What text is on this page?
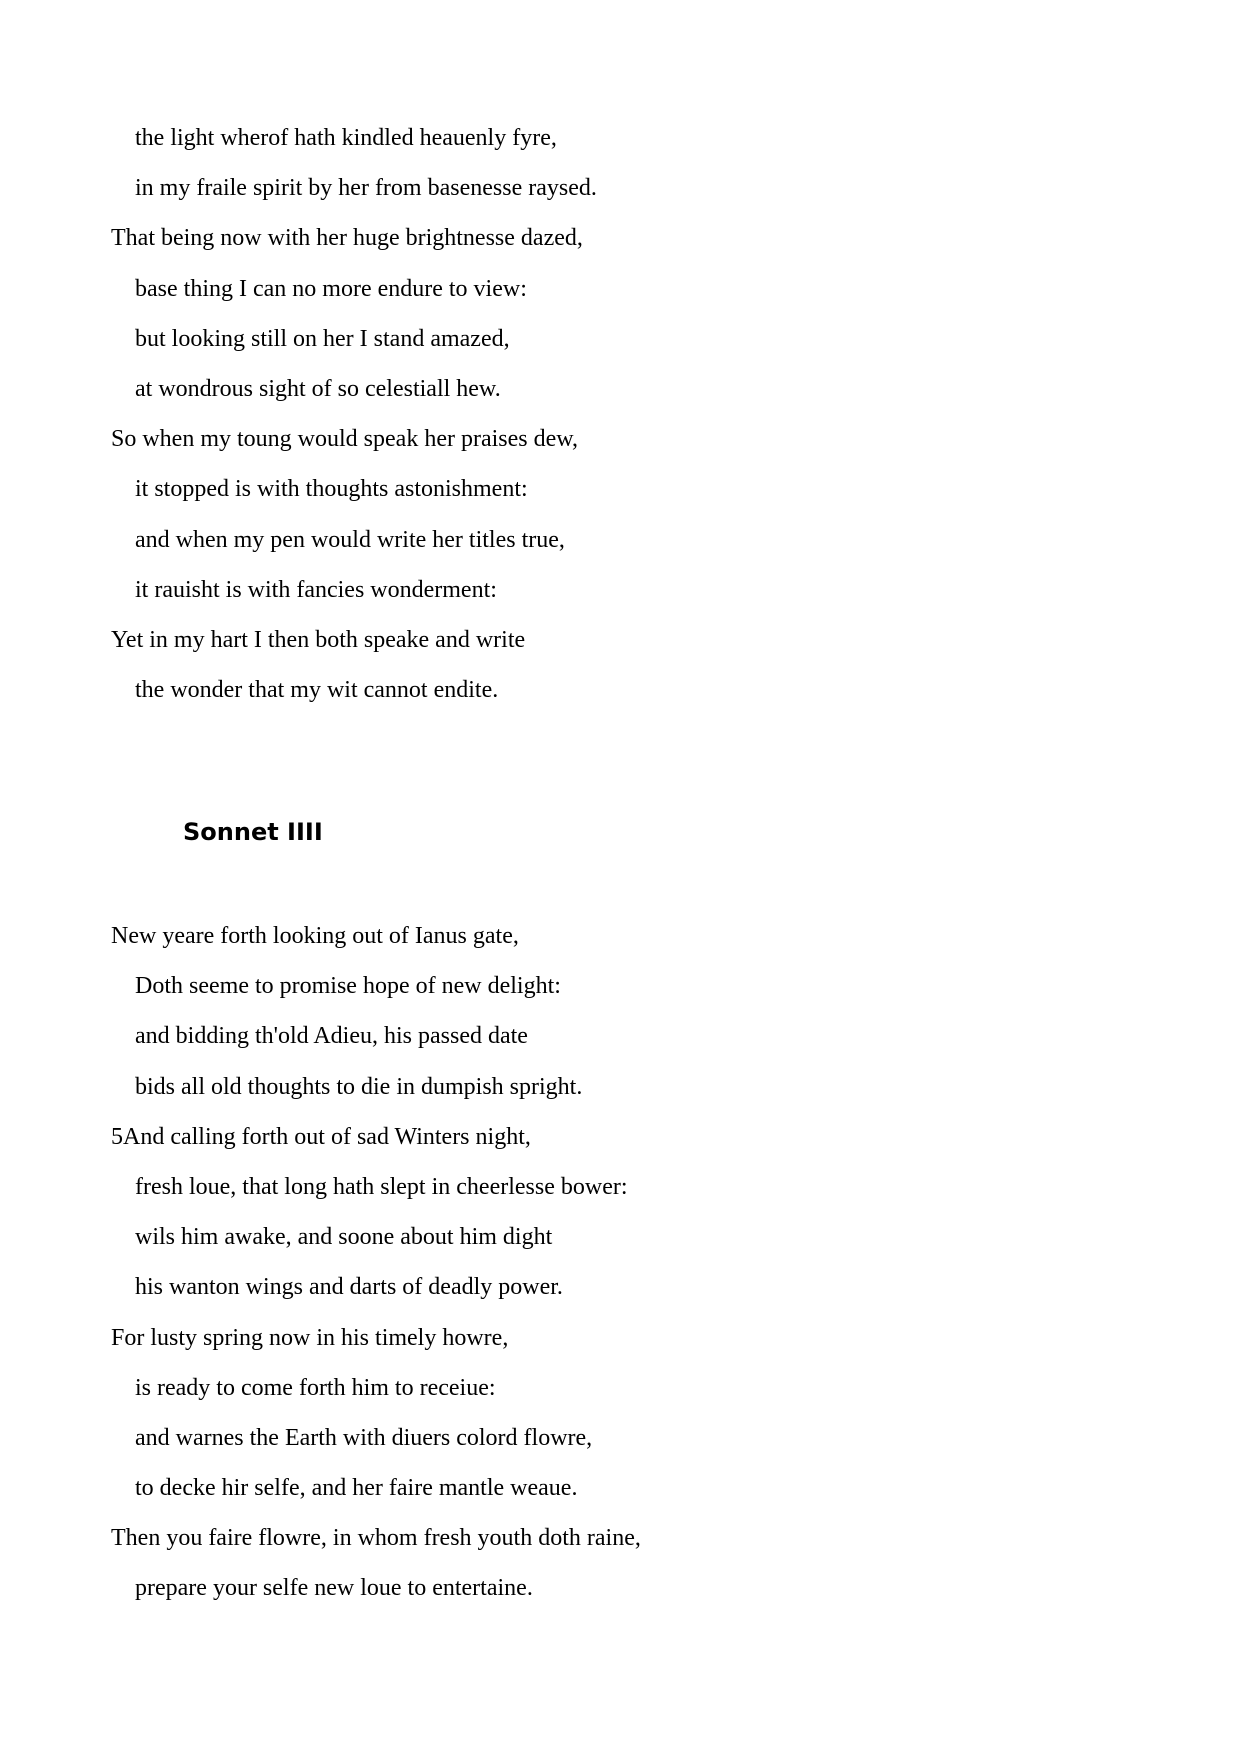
the light wherof hath kindled heauenly fyre,
in my fraile spirit by her from basenesse raysed.
That being now with her huge brightnesse dazed,
base thing I can no more endure to view:
but looking still on her I stand amazed,
at wondrous sight of so celestiall hew.
So when my toung would speak her praises dew,
it stopped is with thoughts astonishment:
and when my pen would write her titles true,
it rauisht is with fancies wonderment:
Yet in my hart I then both speake and write
the wonder that my wit cannot endite.
Sonnet IIII
New yeare forth looking out of Ianus gate,
Doth seeme to promise hope of new delight:
and bidding th'old Adieu, his passed date
bids all old thoughts to die in dumpish spright.
5And calling forth out of sad Winters night,
fresh loue, that long hath slept in cheerlesse bower:
wils him awake, and soone about him dight
his wanton wings and darts of deadly power.
For lusty spring now in his timely howre,
is ready to come forth him to receiue:
and warnes the Earth with diuers colord flowre,
to decke hir selfe, and her faire mantle weaue.
Then you faire flowre, in whom fresh youth doth raine,
prepare your selfe new loue to entertaine.
